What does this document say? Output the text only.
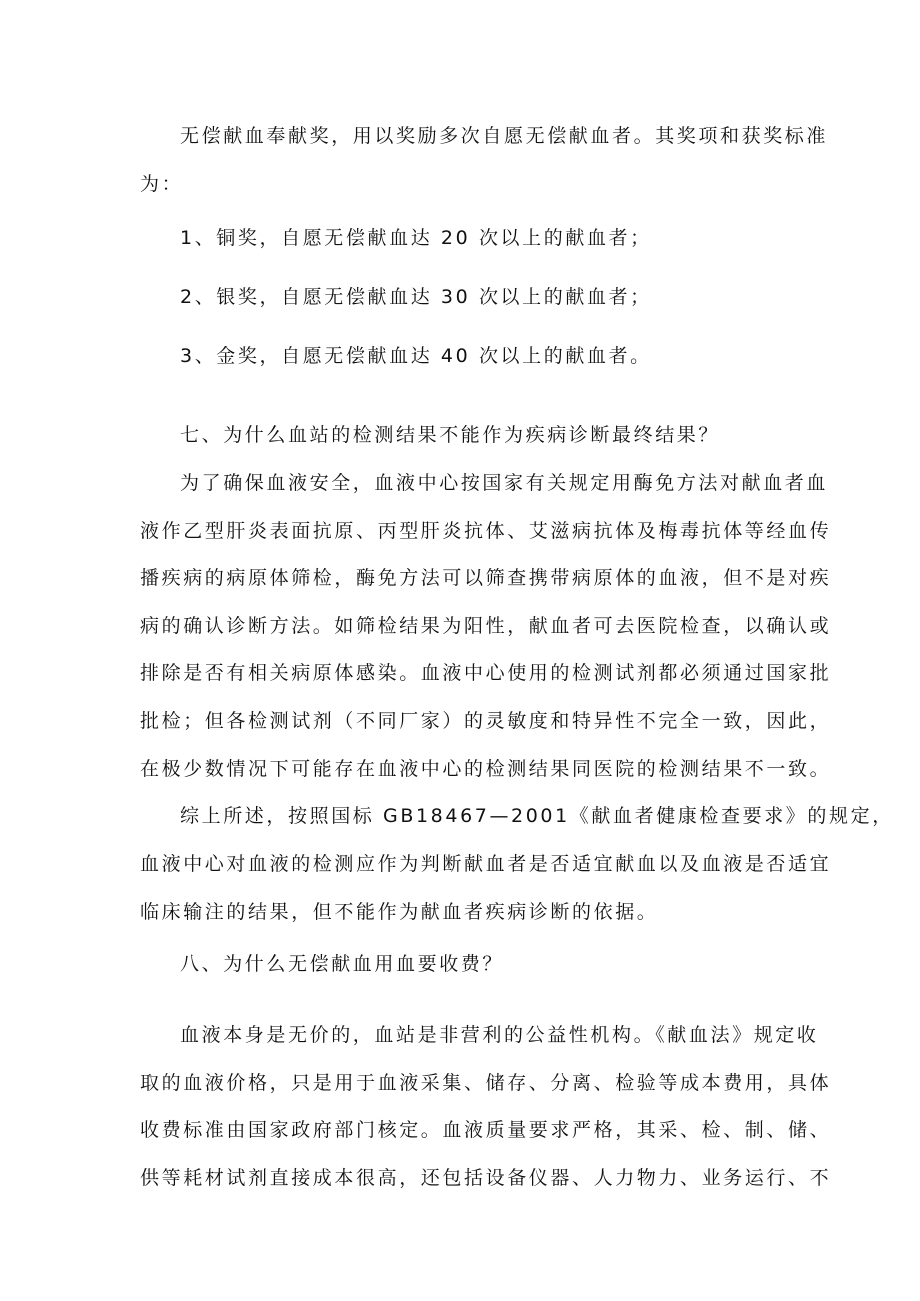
无偿献血奉献奖，用以奖励多次自愿无偿献血者。其奖项和获奖标准
为：
1、铜奖，自愿无偿献血达 20 次以上的献血者；
2、银奖，自愿无偿献血达 30 次以上的献血者；
3、金奖，自愿无偿献血达 40 次以上的献血者。
七、为什么血站的检测结果不能作为疾病诊断最终结果？
为了确保血液安全，血液中心按国家有关规定用酶免方法对献血者血
液作乙型肝炎表面抗原、丙型肝炎抗体、艾滋病抗体及梅毒抗体等经血传
播疾病的病原体筛检，酶免方法可以筛查携带病原体的血液，但不是对疾
病的确认诊断方法。如筛检结果为阳性，献血者可去医院检查，以确认或
排除是否有相关病原体感染。血液中心使用的检测试剂都必须通过国家批
批检；但各检测试剂（不同厂家）的灵敏度和特异性不完全一致，因此，
在极少数情况下可能存在血液中心的检测结果同医院的检测结果不一致。
综上所述，按照国标 GB18467—2001《献血者健康检查要求》的规定，
血液中心对血液的检测应作为判断献血者是否适宜献血以及血液是否适宜
临床输注的结果，但不能作为献血者疾病诊断的依据。
八、为什么无偿献血用血要收费？
血液本身是无价的，血站是非营利的公益性机构。《献血法》规定收
取的血液价格，只是用于血液采集、储存、分离、检验等成本费用，具体
收费标准由国家政府部门核定。血液质量要求严格，其采、检、制、储、
供等耗材试剂直接成本很高，还包括设备仪器、人力物力、业务运行、不
